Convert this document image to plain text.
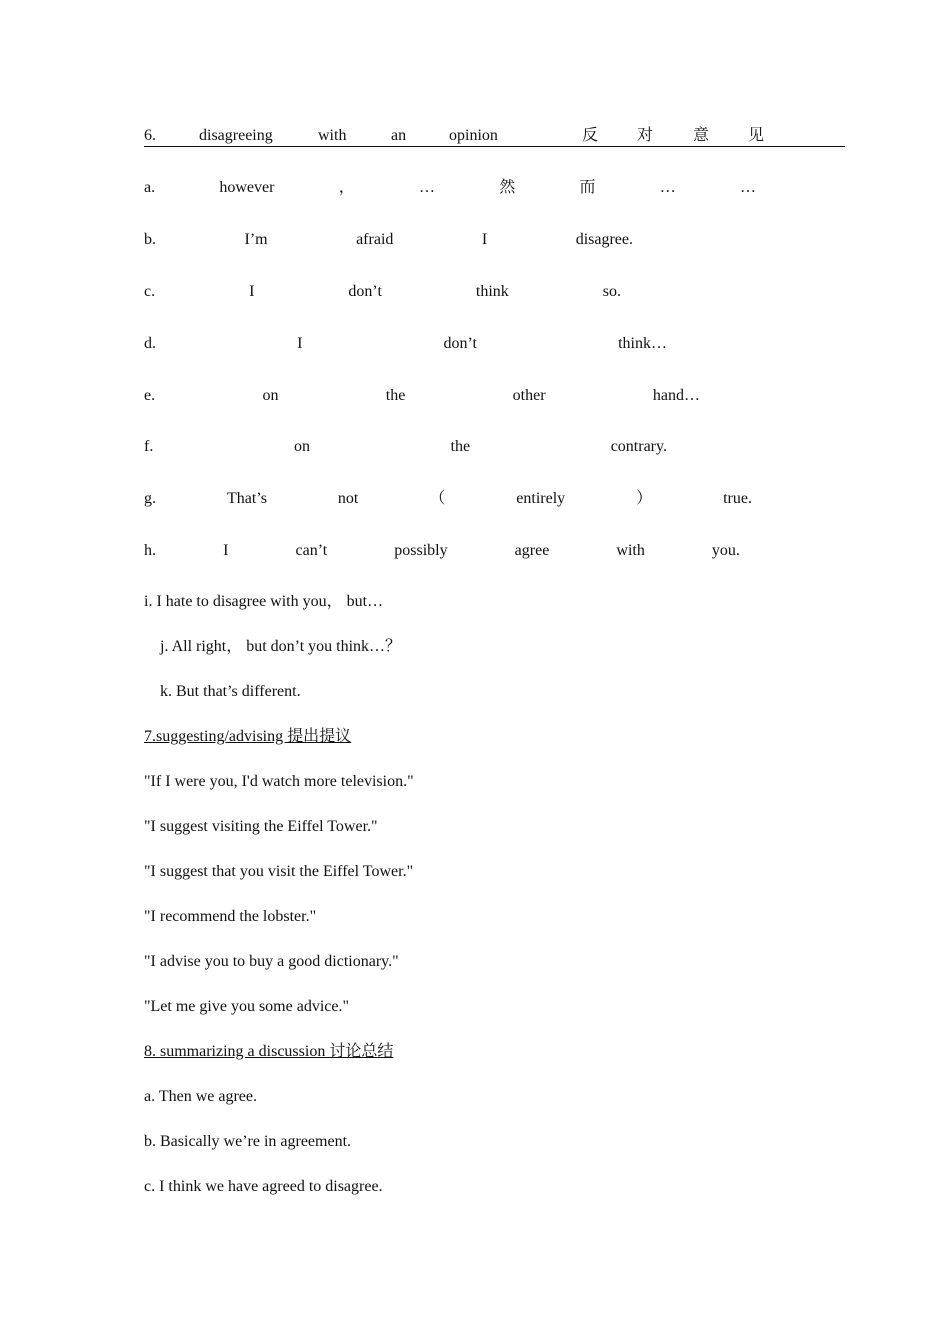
6.	disagreeing	with	an	opinion	反 对 意 见
a.	however	，	…	然	而	…	…
b.	I’m	afraid	I	disagree.
c.	I	don’t	think	so.
d.	I	don’t	think…
e.	on	the	other	hand…
f.	on	the	contrary.
g.	That’s	not	（	entirely	）	true.
h.	I	can’t	possibly	agree	with	you.
i. I hate to disagree with you， but…
j. All right， but don’t you think…？
k. But that’s different.
7.suggesting/advising 提出提议
"If I were you, I'd watch more television."
"I suggest visiting the Eiffel Tower."
"I suggest that you visit the Eiffel Tower."
"I recommend the lobster."
"I advise you to buy a good dictionary."
"Let me give you some advice."
8. summarizing a discussion 讨论总结
a. Then we agree.
b. Basically we’re in agreement.
c. I think we have agreed to disagree.
